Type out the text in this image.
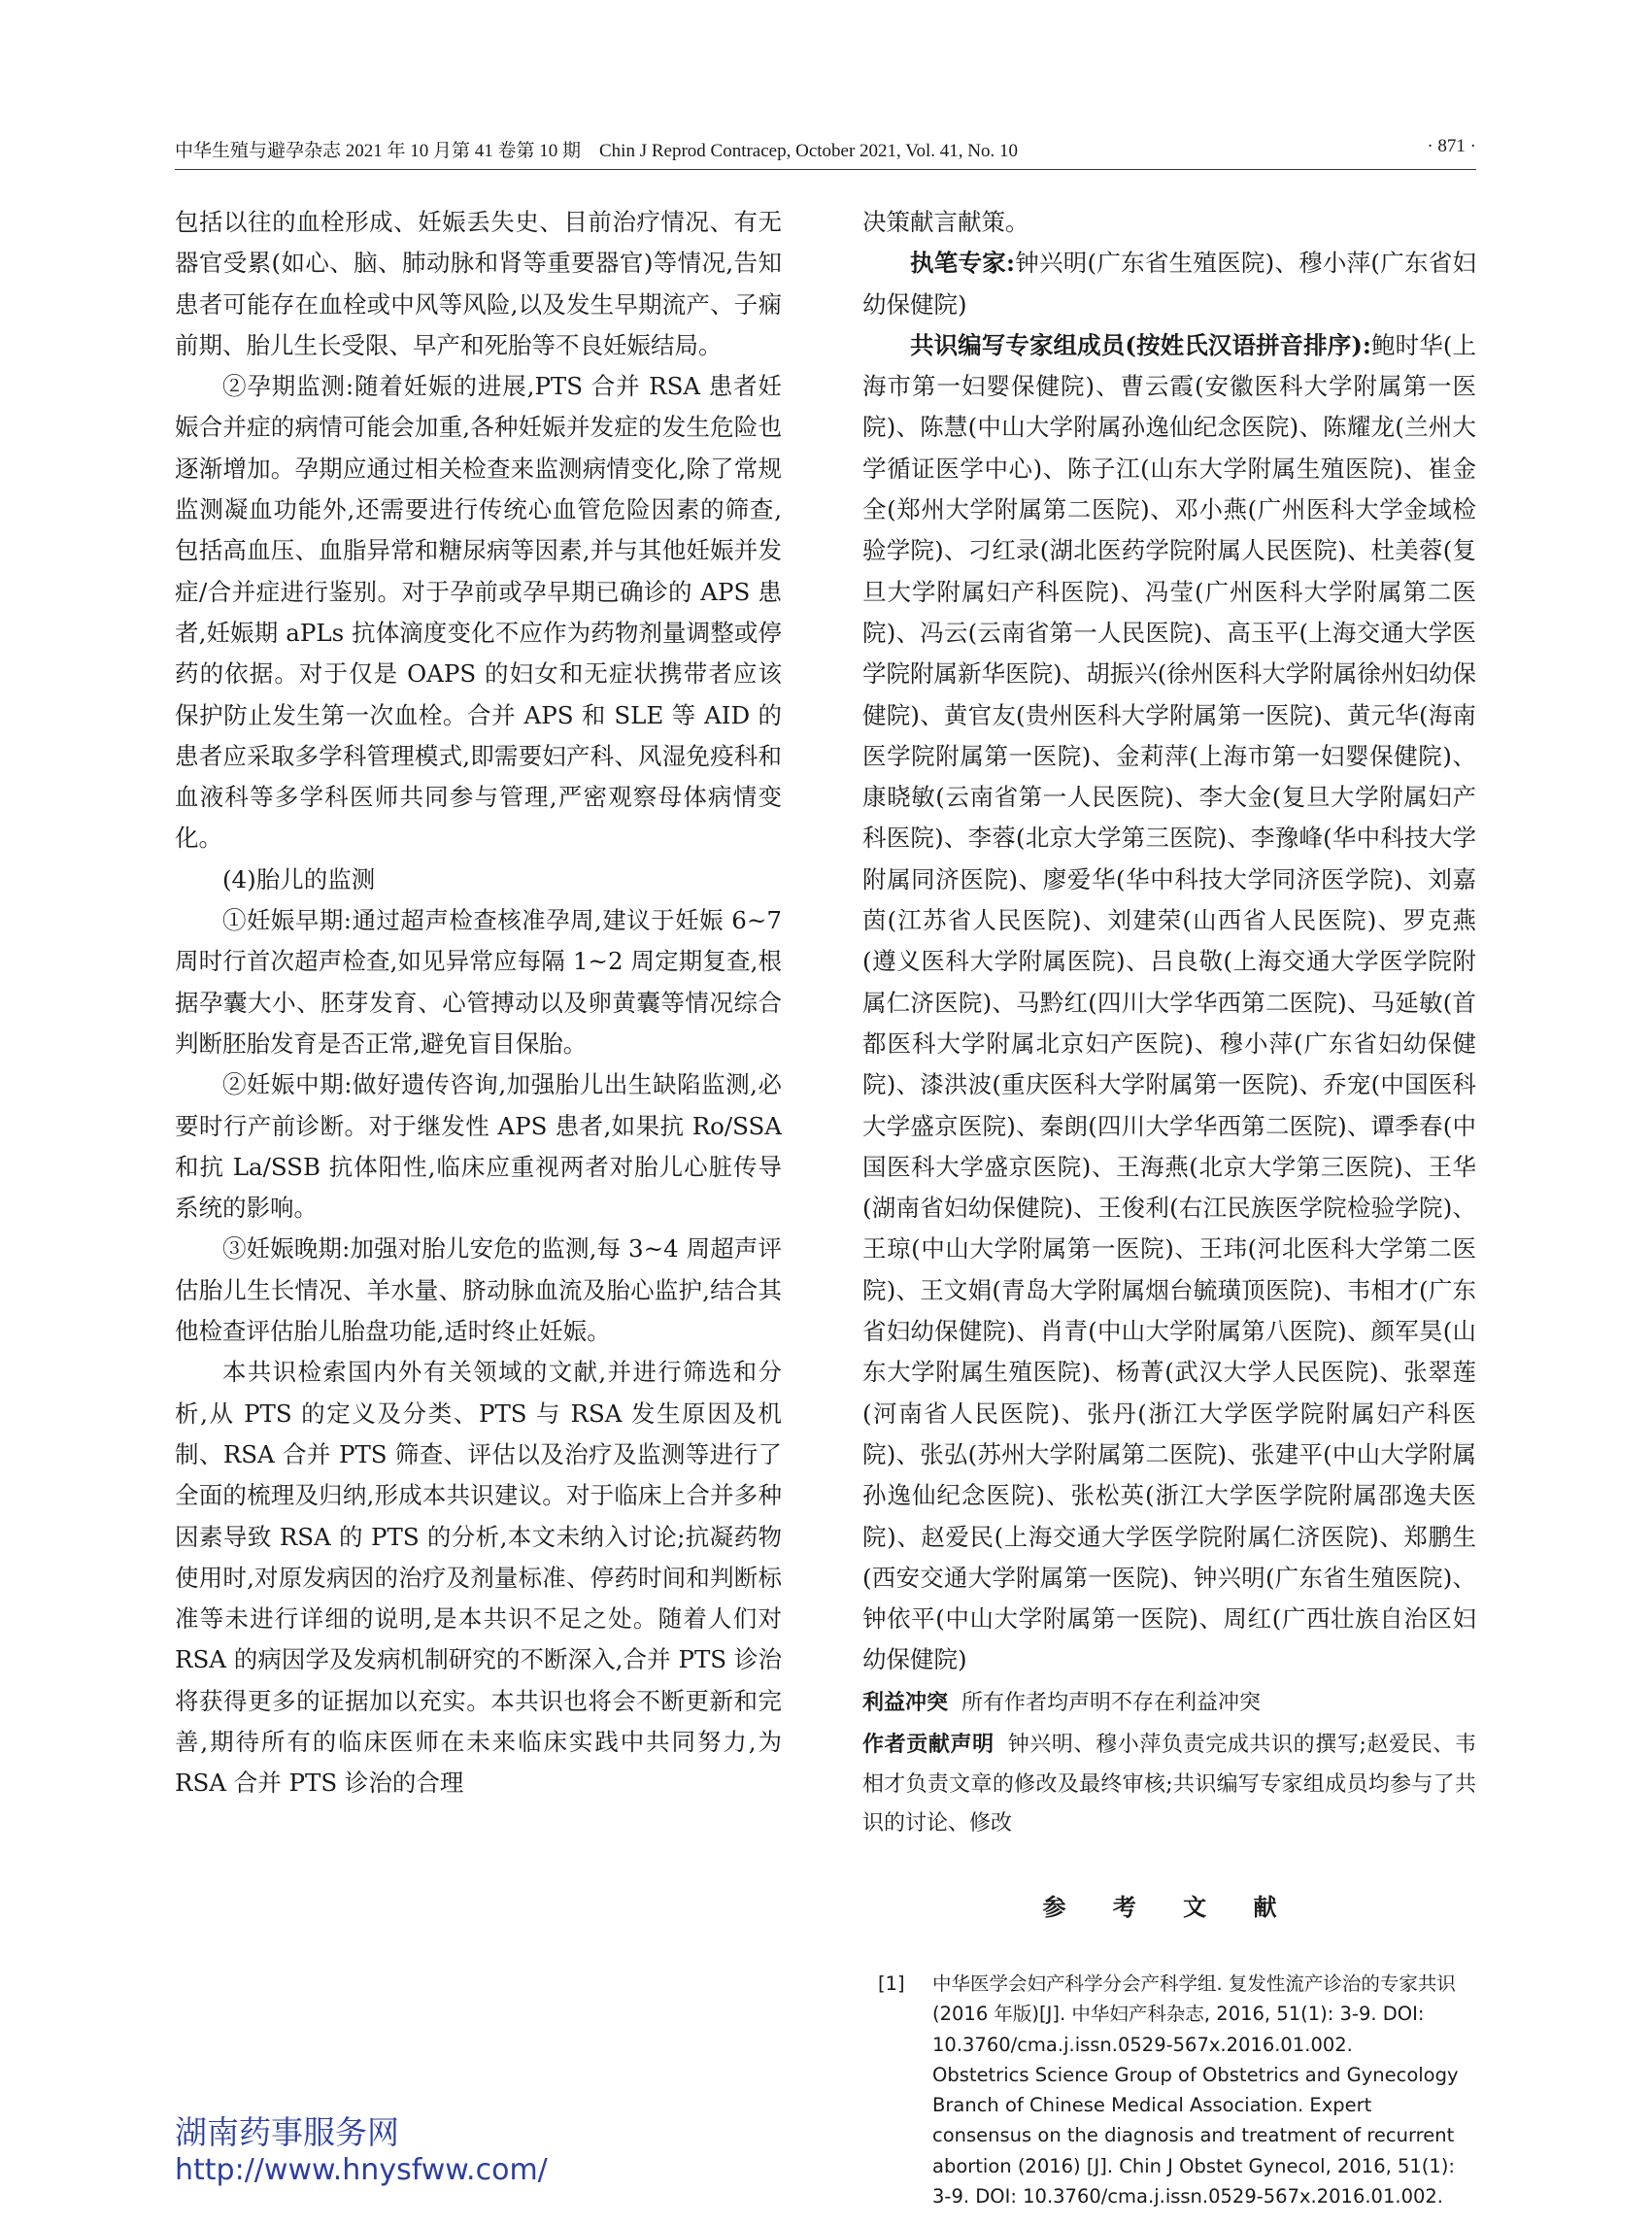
中华生殖与避孕杂志 2021 年 10 月第 41 卷第 10 期　Chin J Reprod Contracep, October 2021, Vol. 41, No. 10	· 871 ·

包括以往的血栓形成、妊娠丢失史、目前治疗情况、有无器官受累(如心、脑、肺动脉和肾等重要器官)等情况,告知患者可能存在血栓或中风等风险,以及发生早期流产、子痫前期、胎儿生长受限、早产和死胎等不良妊娠结局。

②孕期监测:随着妊娠的进展,PTS 合并 RSA 患者妊娠合并症的病情可能会加重,各种妊娠并发症的发生危险也逐渐增加。孕期应通过相关检查来监测病情变化,除了常规监测凝血功能外,还需要进行传统心血管危险因素的筛查,包括高血压、血脂异常和糖尿病等因素,并与其他妊娠并发症/合并症进行鉴别。对于孕前或孕早期已确诊的 APS 患者,妊娠期 aPLs 抗体滴度变化不应作为药物剂量调整或停药的依据。对于仅是 OAPS 的妇女和无症状携带者应该保护防止发生第一次血栓。合并 APS 和 SLE 等 AID 的患者应采取多学科管理模式,即需要妇产科、风湿免疫科和血液科等多学科医师共同参与管理,严密观察母体病情变化。

(4)胎儿的监测

①妊娠早期:通过超声检查核准孕周,建议于妊娠 6~7 周时行首次超声检查,如见异常应每隔 1~2 周定期复查,根据孕囊大小、胚芽发育、心管搏动以及卵黄囊等情况综合判断胚胎发育是否正常,避免盲目保胎。

②妊娠中期:做好遗传咨询,加强胎儿出生缺陷监测,必要时行产前诊断。对于继发性 APS 患者,如果抗 Ro/SSA 和抗 La/SSB 抗体阳性,临床应重视两者对胎儿心脏传导系统的影响。

③妊娠晚期:加强对胎儿安危的监测,每 3~4 周超声评估胎儿生长情况、羊水量、脐动脉血流及胎心监护,结合其他检查评估胎儿胎盘功能,适时终止妊娠。

本共识检索国内外有关领域的文献,并进行筛选和分析,从 PTS 的定义及分类、PTS 与 RSA 发生原因及机制、RSA 合并 PTS 筛查、评估以及治疗及监测等进行了全面的梳理及归纳,形成本共识建议。对于临床上合并多种因素导致 RSA 的 PTS 的分析,本文未纳入讨论;抗凝药物使用时,对原发病因的治疗及剂量标准、停药时间和判断标准等未进行详细的说明,是本共识不足之处。随着人们对 RSA 的病因学及发病机制研究的不断深入,合并 PTS 诊治将获得更多的证据加以充实。本共识也将会不断更新和完善,期待所有的临床医师在未来临床实践中共同努力,为 RSA 合并 PTS 诊治的合理

决策献言献策。

执笔专家:钟兴明(广东省生殖医院)、穆小萍(广东省妇幼保健院)

共识编写专家组成员(按姓氏汉语拼音排序):鲍时华(上海市第一妇婴保健院)、曹云霞(安徽医科大学附属第一医院)、陈慧(中山大学附属孙逸仙纪念医院)、陈耀龙(兰州大学循证医学中心)、陈子江(山东大学附属生殖医院)、崔金全(郑州大学附属第二医院)、邓小燕(广州医科大学金域检验学院)、刁红录(湖北医药学院附属人民医院)、杜美蓉(复旦大学附属妇产科医院)、冯莹(广州医科大学附属第二医院)、冯云(云南省第一人民医院)、高玉平(上海交通大学医学院附属新华医院)、胡振兴(徐州医科大学附属徐州妇幼保健院)、黄官友(贵州医科大学附属第一医院)、黄元华(海南医学院附属第一医院)、金莉萍(上海市第一妇婴保健院)、康晓敏(云南省第一人民医院)、李大金(复旦大学附属妇产科医院)、李蓉(北京大学第三医院)、李豫峰(华中科技大学附属同济医院)、廖爱华(华中科技大学同济医学院)、刘嘉茵(江苏省人民医院)、刘建荣(山西省人民医院)、罗克燕(遵义医科大学附属医院)、吕良敬(上海交通大学医学院附属仁济医院)、马黔红(四川大学华西第二医院)、马延敏(首都医科大学附属北京妇产医院)、穆小萍(广东省妇幼保健院)、漆洪波(重庆医科大学附属第一医院)、乔宠(中国医科大学盛京医院)、秦朗(四川大学华西第二医院)、谭季春(中国医科大学盛京医院)、王海燕(北京大学第三医院)、王华(湖南省妇幼保健院)、王俊利(右江民族医学院检验学院)、王琼(中山大学附属第一医院)、王玮(河北医科大学第二医院)、王文娟(青岛大学附属烟台毓璜顶医院)、韦相才(广东省妇幼保健院)、肖青(中山大学附属第八医院)、颜军昊(山东大学附属生殖医院)、杨菁(武汉大学人民医院)、张翠莲(河南省人民医院)、张丹(浙江大学医学院附属妇产科医院)、张弘(苏州大学附属第二医院)、张建平(中山大学附属孙逸仙纪念医院)、张松英(浙江大学医学院附属邵逸夫医院)、赵爱民(上海交通大学医学院附属仁济医院)、郑鹏生(西安交通大学附属第一医院)、钟兴明(广东省生殖医院)、钟依平(中山大学附属第一医院)、周红(广西壮族自治区妇幼保健院)

利益冲突 所有作者均声明不存在利益冲突
作者贡献声明 钟兴明、穆小萍负责完成共识的撰写;赵爱民、韦相才负责文章的修改及最终审核;共识编写专家组成员均参与了共识的讨论、修改
参 考 文 献
[1]	中华医学会妇产科学分会产科学组. 复发性流产诊治的专家共识(2016 年版)[J]. 中华妇产科杂志, 2016, 51(1): 3-9. DOI: 10.3760/cma.j.issn.0529-567x.2016.01.002.
Obstetrics Science Group of Obstetrics and Gynecology Branch of Chinese Medical Association. Expert consensus on the diagnosis and treatment of recurrent abortion (2016) [J]. Chin J Obstet Gynecol, 2016, 51(1): 3-9. DOI: 10.3760/cma.j.issn.0529-567x.2016.01.002.
湖南药事服务网
http://www.hnysfww.com/
